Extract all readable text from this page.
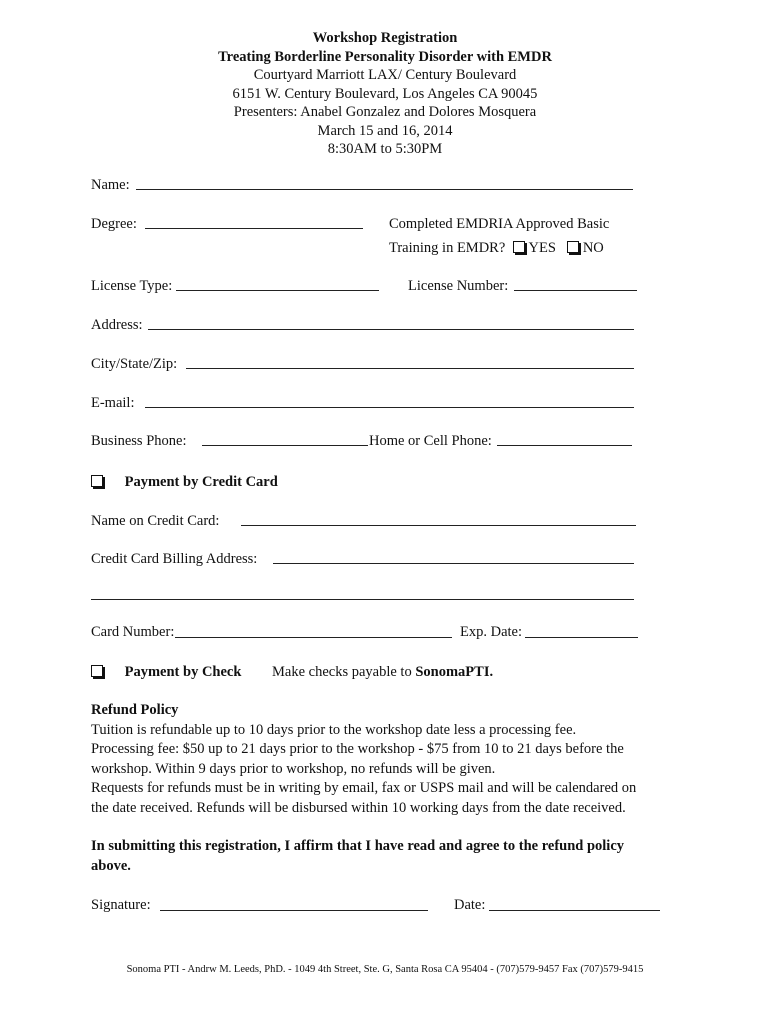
Workshop Registration
Treating Borderline Personality Disorder with EMDR
Courtyard Marriott LAX/ Century Boulevard
6151 W. Century Boulevard, Los Angeles CA 90045
Presenters: Anabel Gonzalez and Dolores Mosquera
March 15 and 16, 2014
8:30AM to 5:30PM
Name:
Degree:	Completed EMDRIA Approved Basic
Training in EMDR? YES NO
License Type:	License Number:
Address:
City/State/Zip:
E-mail:
Business Phone:	Home or Cell Phone:
Payment by Credit Card
Name on Credit Card:
Credit Card Billing Address:
Card Number:	Exp. Date:
Payment by Check Make checks payable to SonomaPTI.
Refund Policy
Tuition is refundable up to 10 days prior to the workshop date less a processing fee.
Processing fee: $50 up to 21 days prior to the workshop - $75 from 10 to 21 days before the
workshop. Within 9 days prior to workshop, no refunds will be given.
Requests for refunds must be in writing by email, fax or USPS mail and will be calendared on
the date received. Refunds will be disbursed within 10 working days from the date received.
In submitting this registration, I affirm that I have read and agree to the refund policy
above.
Signature:	Date:
Sonoma PTI - Andrw M. Leeds, PhD. - 1049 4th Street, Ste. G, Santa Rosa CA 95404 - (707)579-9457 Fax (707)579-9415
